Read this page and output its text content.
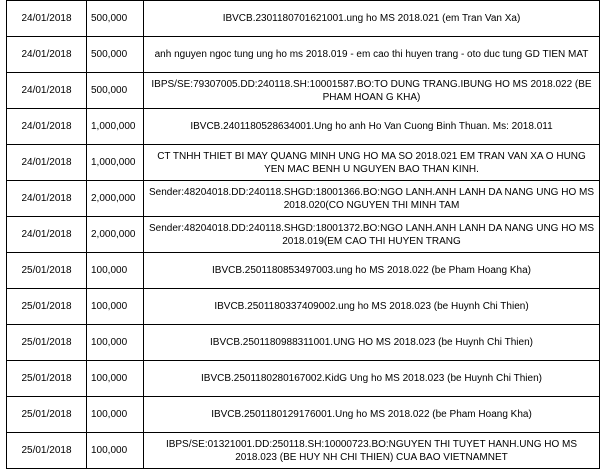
24/01/2018	500,000	IBVCB.2301180701621001.ung ho MS 2018.021 (em Tran Van Xa)
24/01/2018	500,000	anh nguyen ngoc tung ung ho ms 2018.019 - em cao thi huyen trang - oto duc tung GD TIEN MAT
24/01/2018	500,000	IBPS/SE:79307005.DD:240118.SH:10001587.BO:TO DUNG TRANG.IBUNG HO MS 2018.022 (BE PHAM HOAN G KHA)
24/01/2018	1,000,000	IBVCB.2401180528634001.Ung ho anh Ho Van Cuong Binh Thuan. Ms: 2018.011
24/01/2018	1,000,000	CT TNHH THIET BI MAY QUANG MINH UNG HO MA SO 2018.021 EM TRAN VAN XA O HUNG YEN MAC BENH U NGUYEN BAO THAN KINH.
24/01/2018	2,000,000	Sender:48204018.DD:240118.SHGD:18001366.BO:NGO LANH.ANH LANH DA NANG UNG HO MS 2018.020(CO NGUYEN THI MINH TAM
24/01/2018	2,000,000	Sender:48204018.DD:240118.SHGD:18001372.BO:NGO LANH.ANH LANH DA NANG UNG HO MS 2018.019(EM CAO THI HUYEN TRANG
25/01/2018	100,000	IBVCB.2501180853497003.ung ho MS 2018.022 (be Pham Hoang Kha)
25/01/2018	100,000	IBVCB.2501180337409002.ung ho MS 2018.023 (be Huynh Chi Thien)
25/01/2018	100,000	IBVCB.2501180988311001.UNG HO MS 2018.023 (be Huynh Chi Thien)
25/01/2018	100,000	IBVCB.2501180280167002.KidG Ung ho MS 2018.023 (be Huynh Chi Thien)
25/01/2018	100,000	IBVCB.2501180129176001.Ung ho MS 2018.022 (be Pham Hoang Kha)
25/01/2018	100,000	IBPS/SE:01321001.DD:250118.SH:10000723.BO:NGUYEN THI TUYET HANH.UNG HO MS 2018.023 (BE HUY NH CHI THIEN) CUA BAO VIETNAMNET
